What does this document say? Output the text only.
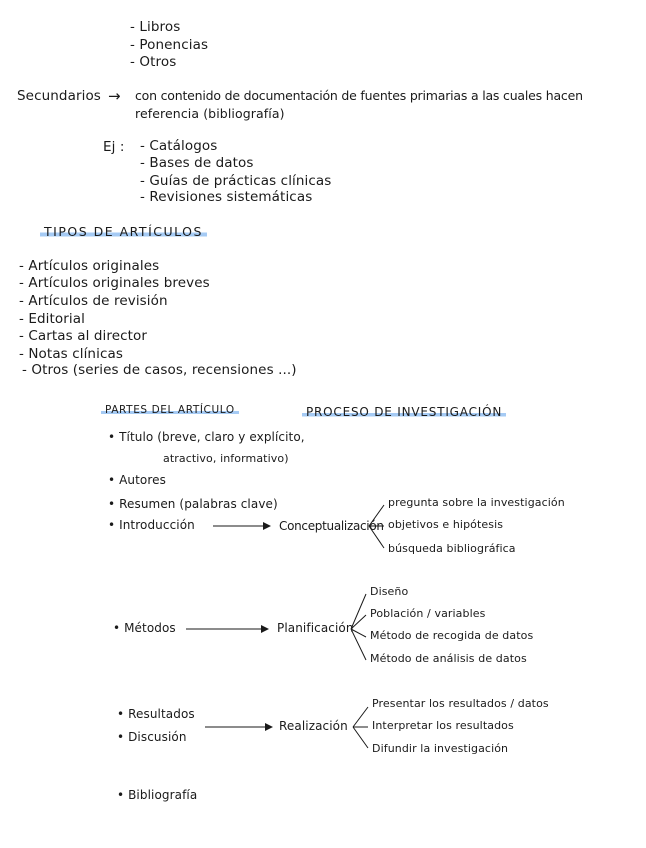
- Libros
- Ponencias
- Otros
Secundarios → con contenido de documentación de fuentes primarias a las cuales hacen
referencia (bibliografía)
Ej : - Catálogos
- Bases de datos
- Guías de prácticas clínicas
- Revisiones sistemáticas
TIPOS DE ARTÍCULOS
- Artículos originales
- Artículos originales breves
- Artículos de revisión
- Editorial
- Cartas al director
- Notas clínicas
- Otros (series de casos, recensiones ...)
PARTES DEL ARTÍCULO	PROCESO DE INVESTIGACIÓN
• Título (breve, claro y explícito,
atractivo, informativo)
• Autores
• Resumen (palabras clave)
• Introducción
• Métodos
• Resultados
• Discusión
• Bibliografía
Conceptualización
pregunta sobre la investigación
objetivos e hipótesis
búsqueda bibliográfica
Planificación
Diseño
Población / variables
Método de recogida de datos
Método de análisis de datos
Realización
Presentar los resultados / datos
Interpretar los resultados
Difundir la investigación
